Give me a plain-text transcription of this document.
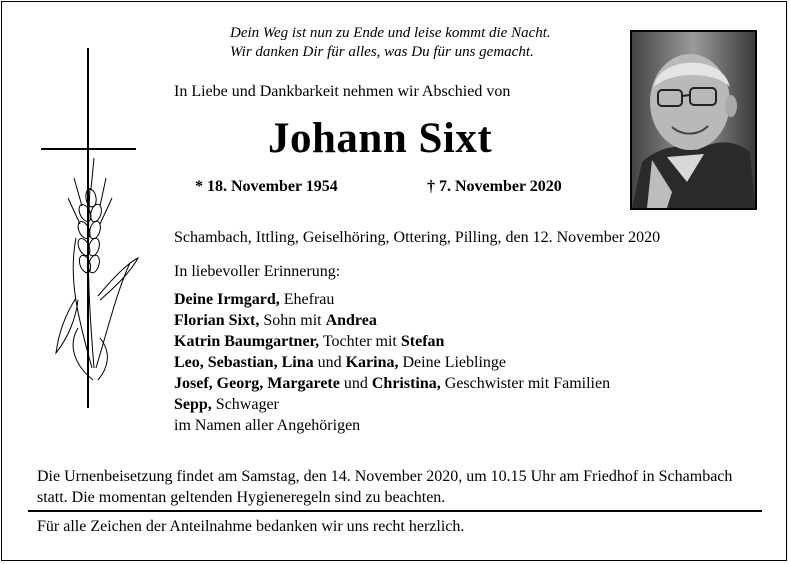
Dein Weg ist nun zu Ende und leise kommt die Nacht.
Wir danken Dir für alles, was Du für uns gemacht.
In Liebe und Dankbarkeit nehmen wir Abschied von
Johann Sixt
* 18. November 1954	† 7. November 2020
Schambach, Ittling, Geiselhöring, Ottering, Pilling, den 12. November 2020
In liebevoller Erinnerung:
Deine Irmgard, Ehefrau
Florian Sixt, Sohn mit Andrea
Katrin Baumgartner, Tochter mit Stefan
Leo, Sebastian, Lina und Karina, Deine Lieblinge
Josef, Georg, Margarete und Christina, Geschwister mit Familien
Sepp, Schwager
im Namen aller Angehörigen
Die Urnenbeisetzung findet am Samstag, den 14. November 2020, um 10.15 Uhr am Friedhof in Schambach statt. Die momentan geltenden Hygieneregeln sind zu beachten.
Für alle Zeichen der Anteilnahme bedanken wir uns recht herzlich.
